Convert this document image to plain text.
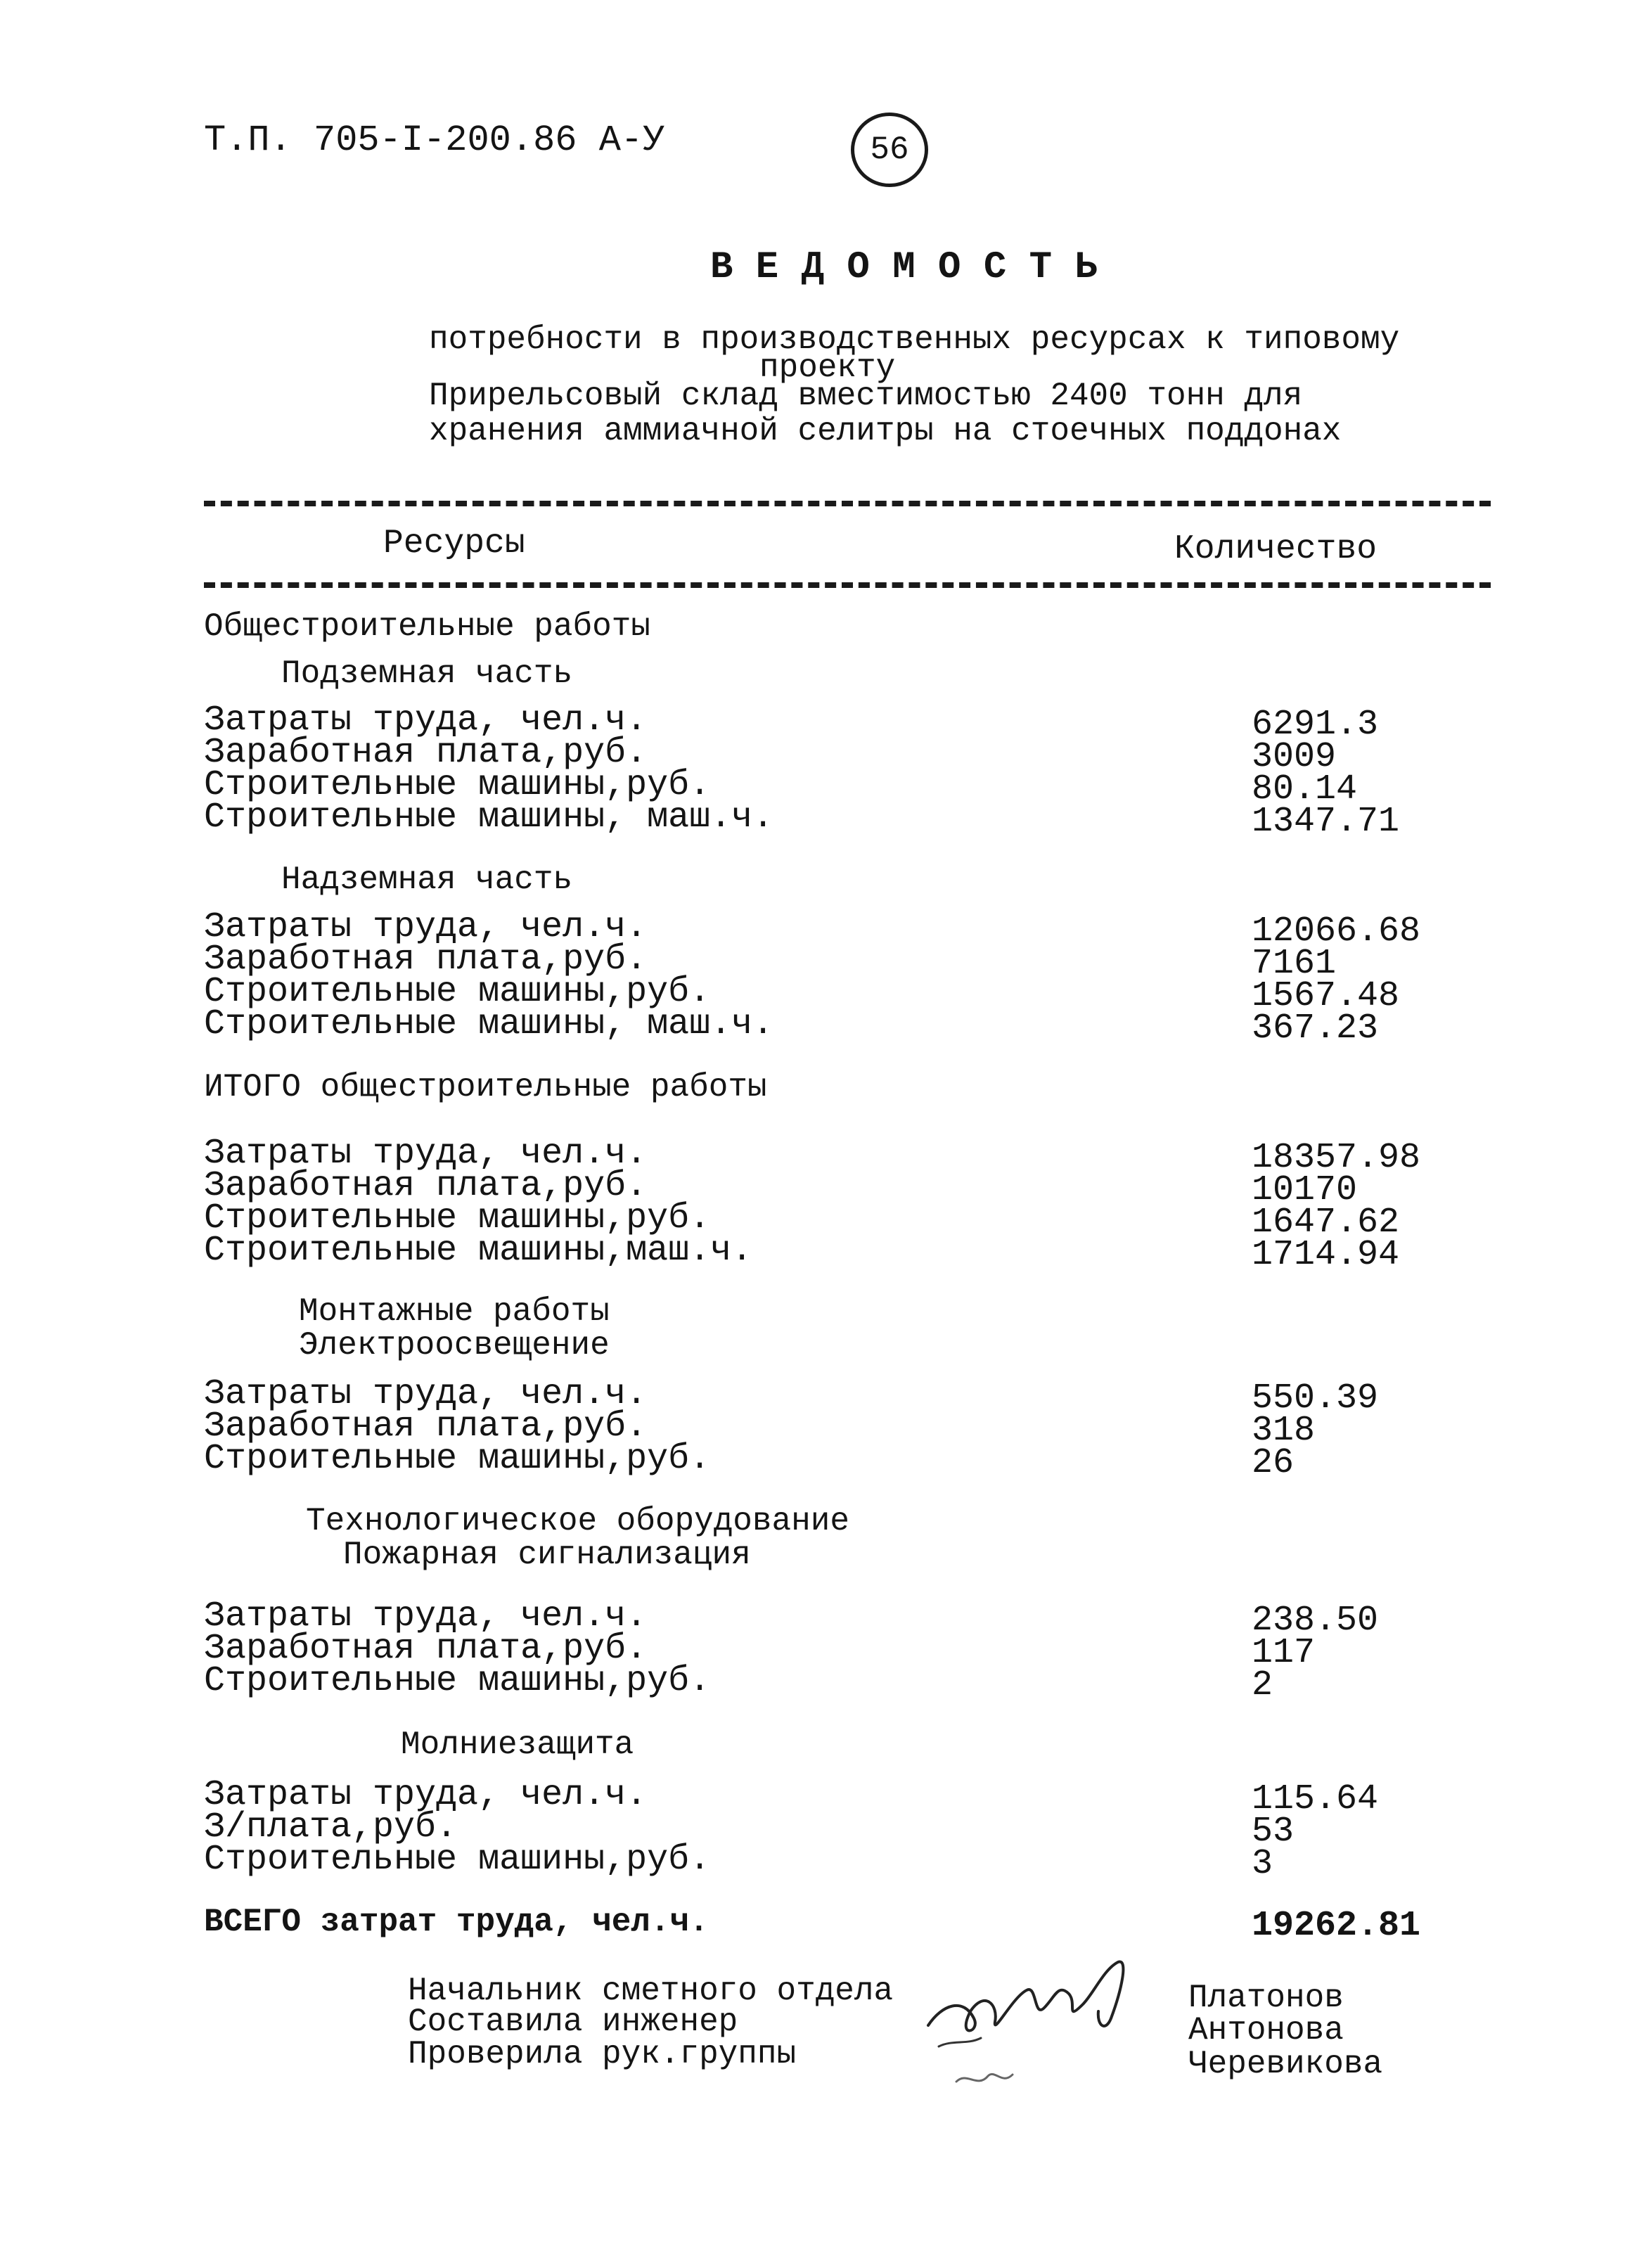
Т.П. 705-I-200.86 А-У	56
В Е Д О М О С Т Ь
потребности в производственных ресурсах к типовому
проекту
Прирельсовый склад вместимостью 2400 тонн для
хранения аммиачной селитры на стоечных поддонах
Ресурсы	Количество
Общестроительные работы
Подземная часть
Затраты труда, чел.ч.	6291.3
Заработная плата,руб.	3009
Строительные машины,руб.	80.14
Строительные машины, маш.ч.	1347.71
Надземная часть
Затраты труда, чел.ч.	12066.68
Заработная плата,руб.	7161
Строительные машины,руб.	1567.48
Строительные машины, маш.ч.	367.23
ИТОГО общестроительные работы
Затраты труда, чел.ч.	18357.98
Заработная плата,руб.	10170
Строительные машины,руб.	1647.62
Строительные машины,маш.ч.	1714.94
Монтажные работы
Электроосвещение
Затраты труда, чел.ч.	550.39
Заработная плата,руб.	318
Строительные машины,руб.	26
Технологическое оборудование
Пожарная сигнализация
Затраты труда, чел.ч.	238.50
Заработная плата,руб.	117
Строительные машины,руб.	2
Молниезащита
Затраты труда, чел.ч.	115.64
З/плата,руб.	53
Строительные машины,руб.	3
ВСЕГО затрат труда, чел.ч.	19262.81
Начальник сметного отдела	Платонов
Составила инженер	Антонова
Проверила рук.группы	Черевикова
